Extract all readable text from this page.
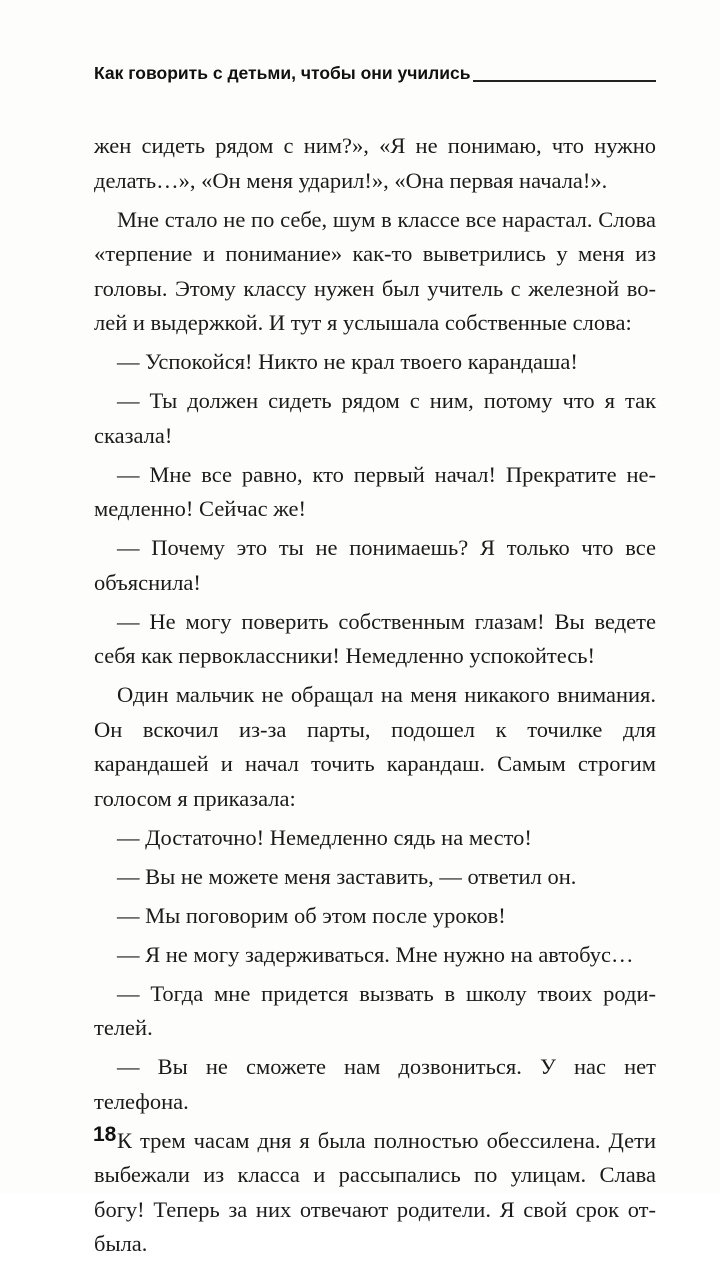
Как говорить с детьми, чтобы они учились

жен сидеть рядом с ним?», «Я не понимаю, что нужно делать…», «Он меня ударил!», «Она первая начала!».

Мне стало не по себе, шум в классе все нарастал. Слова «терпение и понимание» как-то выветрились у меня из головы. Этому классу нужен был учитель с железной волей и выдержкой. И тут я услышала собственные слова:

— Успокойся! Никто не крал твоего карандаша!

— Ты должен сидеть рядом с ним, потому что я так сказала!

— Мне все равно, кто первый начал! Прекратите немедленно! Сейчас же!

— Почему это ты не понимаешь? Я только что все объяснила!

— Не могу поверить собственным глазам! Вы ведете себя как первоклассники! Немедленно успокойтесь!

Один мальчик не обращал на меня никакого внимания. Он вскочил из-за парты, подошел к точилке для карандашей и начал точить карандаш. Самым строгим голосом я приказала:

— Достаточно! Немедленно сядь на место!

— Вы не можете меня заставить, — ответил он.

— Мы поговорим об этом после уроков!

— Я не могу задерживаться. Мне нужно на автобус…

— Тогда мне придется вызвать в школу твоих родителей.

— Вы не сможете нам дозвониться. У нас нет телефона.

К трем часам дня я была полностью обессилена. Дети выбежали из класса и рассыпались по улицам. Слава богу! Теперь за них отвечают родители. Я свой срок отбыла.

18
